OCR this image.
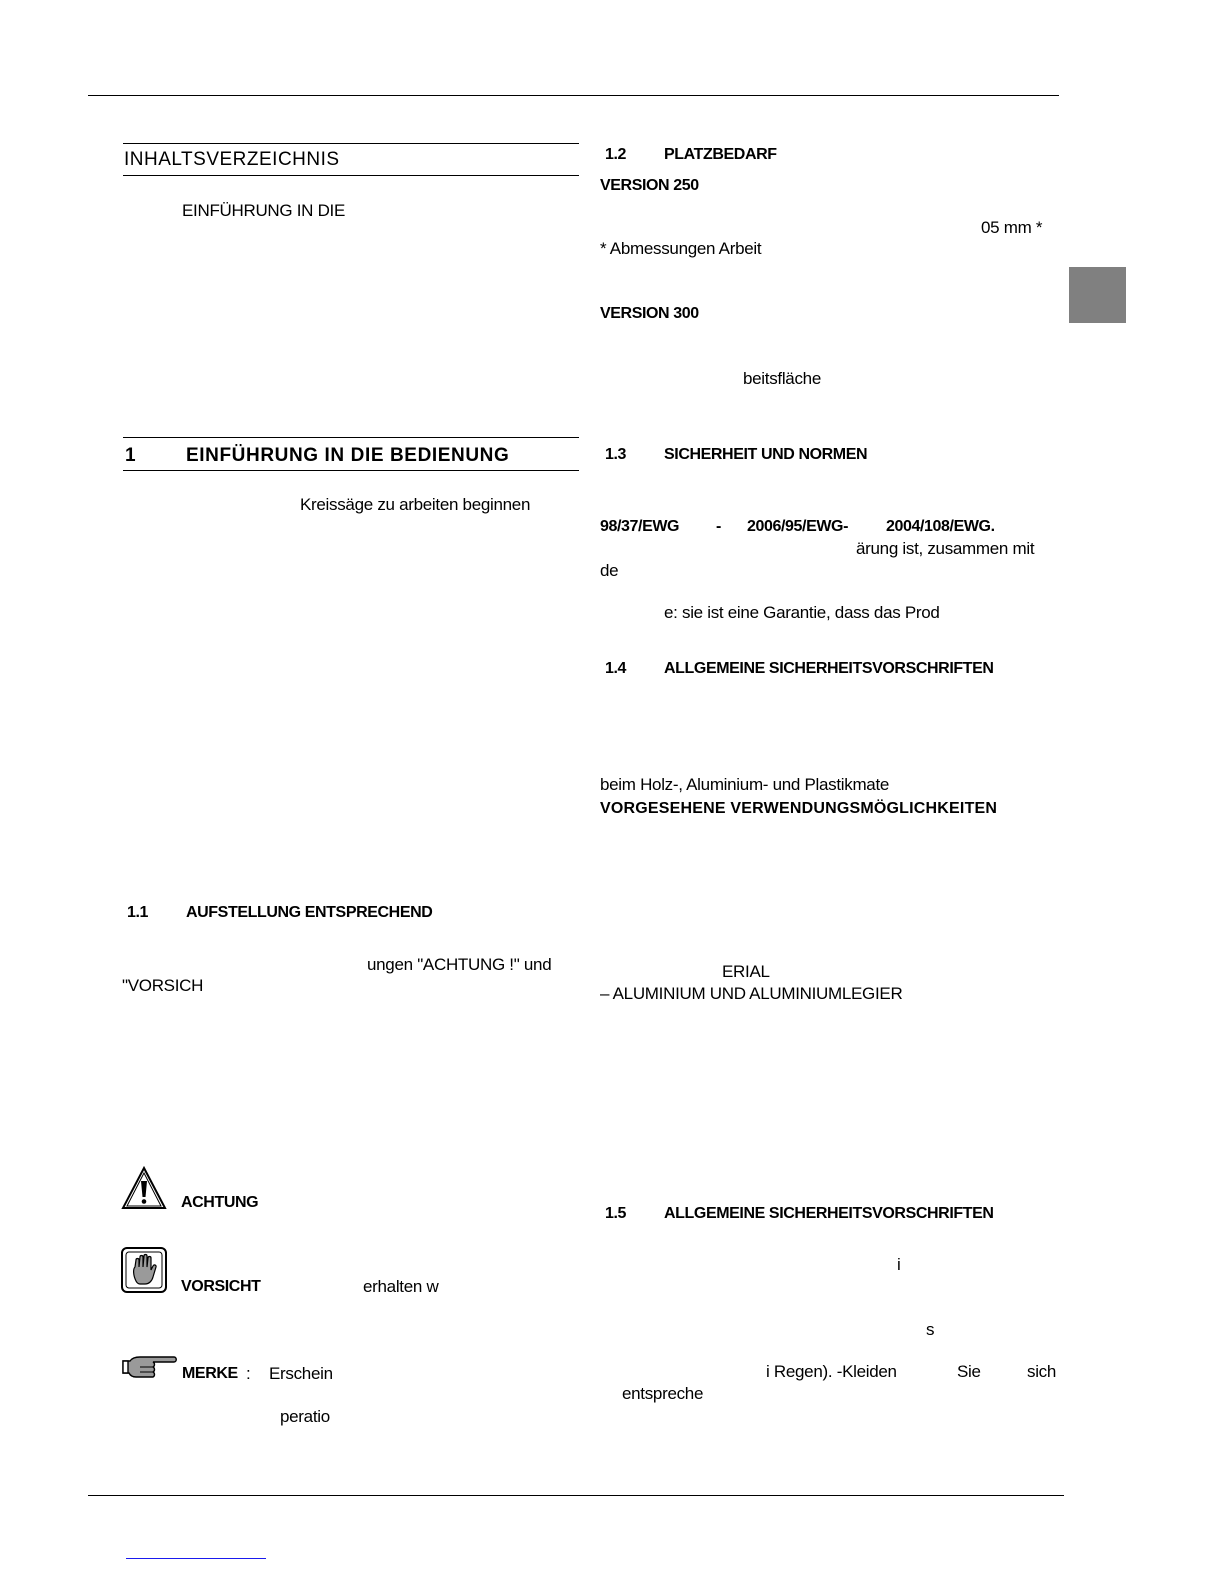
INHALTSVERZEICHNIS
EINFÜHRUNG IN DIE
1	EINFÜHRUNG IN DIE BEDIENUNG
Kreissäge zu arbeiten beginnen
1.1 AUFSTELLUNG ENTSPRECHEND
ungen "ACHTUNG !" und
"VORSICH
ACHTUNG
VORSICHT	erhalten w
MERKE : Erschein
peratio
1.2 PLATZBEDARF
VERSION 250
05 mm *
* Abmessungen Arbeit
VERSION 300
beitsfläche
1.3 SICHERHEIT UND NORMEN
98/37/EWG - 2006/95/EWG- 2004/108/EWG.
ärung ist, zusammen mit
de
e: sie ist eine Garantie, dass das Prod
1.4 ALLGEMEINE SICHERHEITSVORSCHRIFTEN
beim Holz-, Aluminium- und Plastikmate
VORGESEHENE VERWENDUNGSMÖGLICHKEITEN
ERIAL
– ALUMINIUM UND ALUMINIUMLEGIER
1.5 ALLGEMEINE SICHERHEITSVORSCHRIFTEN
i
s
i Regen). -Kleiden	Sie	sich
entspreche
